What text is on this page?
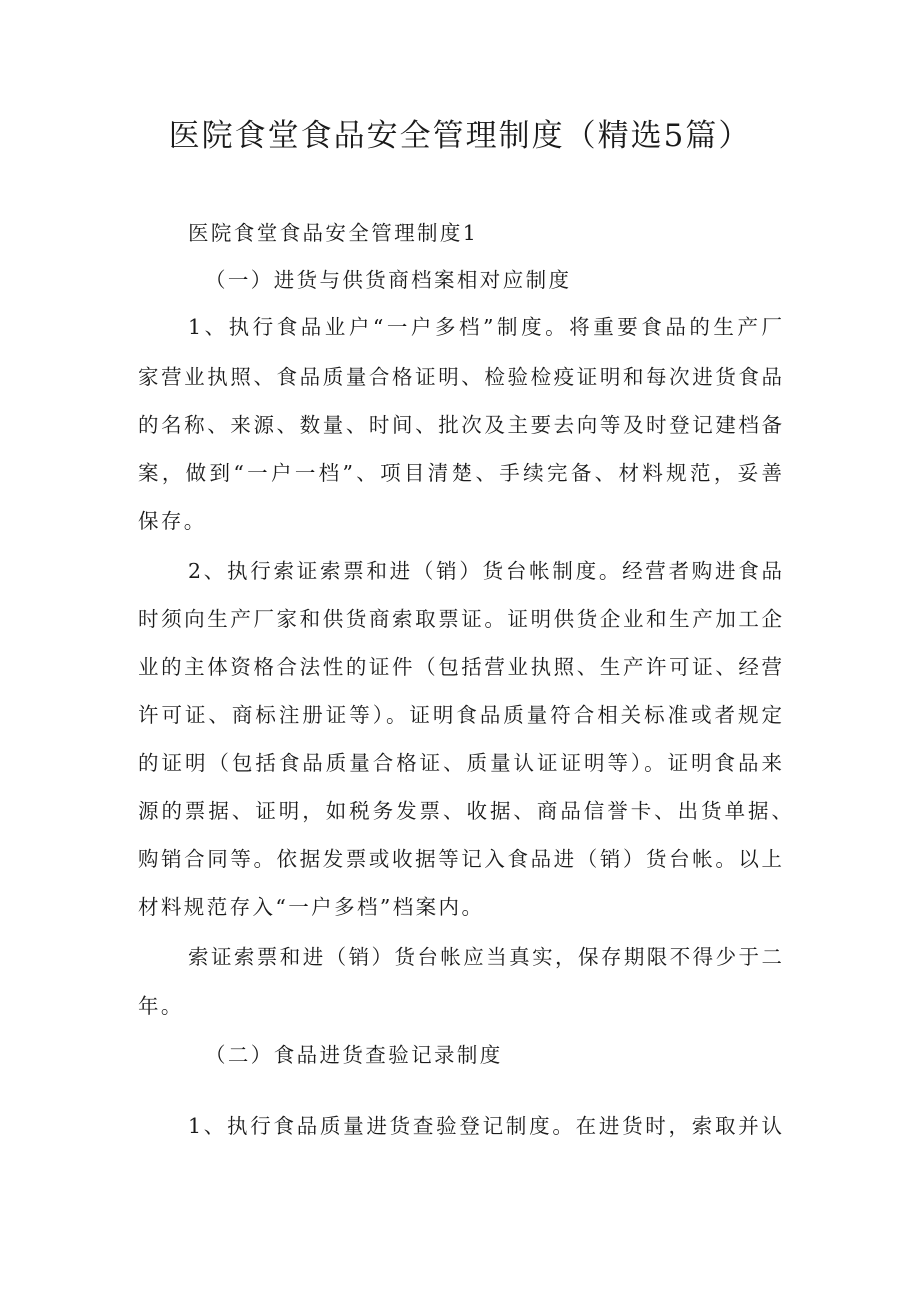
医院食堂食品安全管理制度（精选5篇）

医院食堂食品安全管理制度1

（一）进货与供货商档案相对应制度

1、执行食品业户“一户多档”制度。将重要食品的生产厂

家营业执照、食品质量合格证明、检验检疫证明和每次进货食品

的名称、来源、数量、时间、批次及主要去向等及时登记建档备

案，做到“一户一档”、项目清楚、手续完备、材料规范，妥善

保存。

2、执行索证索票和进（销）货台帐制度。经营者购进食品

时须向生产厂家和供货商索取票证。证明供货企业和生产加工企

业的主体资格合法性的证件（包括营业执照、生产许可证、经营

许可证、商标注册证等）。证明食品质量符合相关标准或者规定

的证明（包括食品质量合格证、质量认证证明等）。证明食品来

源的票据、证明，如税务发票、收据、商品信誉卡、出货单据、

购销合同等。依据发票或收据等记入食品进（销）货台帐。以上

材料规范存入“一户多档”档案内。

索证索票和进（销）货台帐应当真实，保存期限不得少于二

年。

（二）食品进货查验记录制度

1、执行食品质量进货查验登记制度。在进货时，索取并认
